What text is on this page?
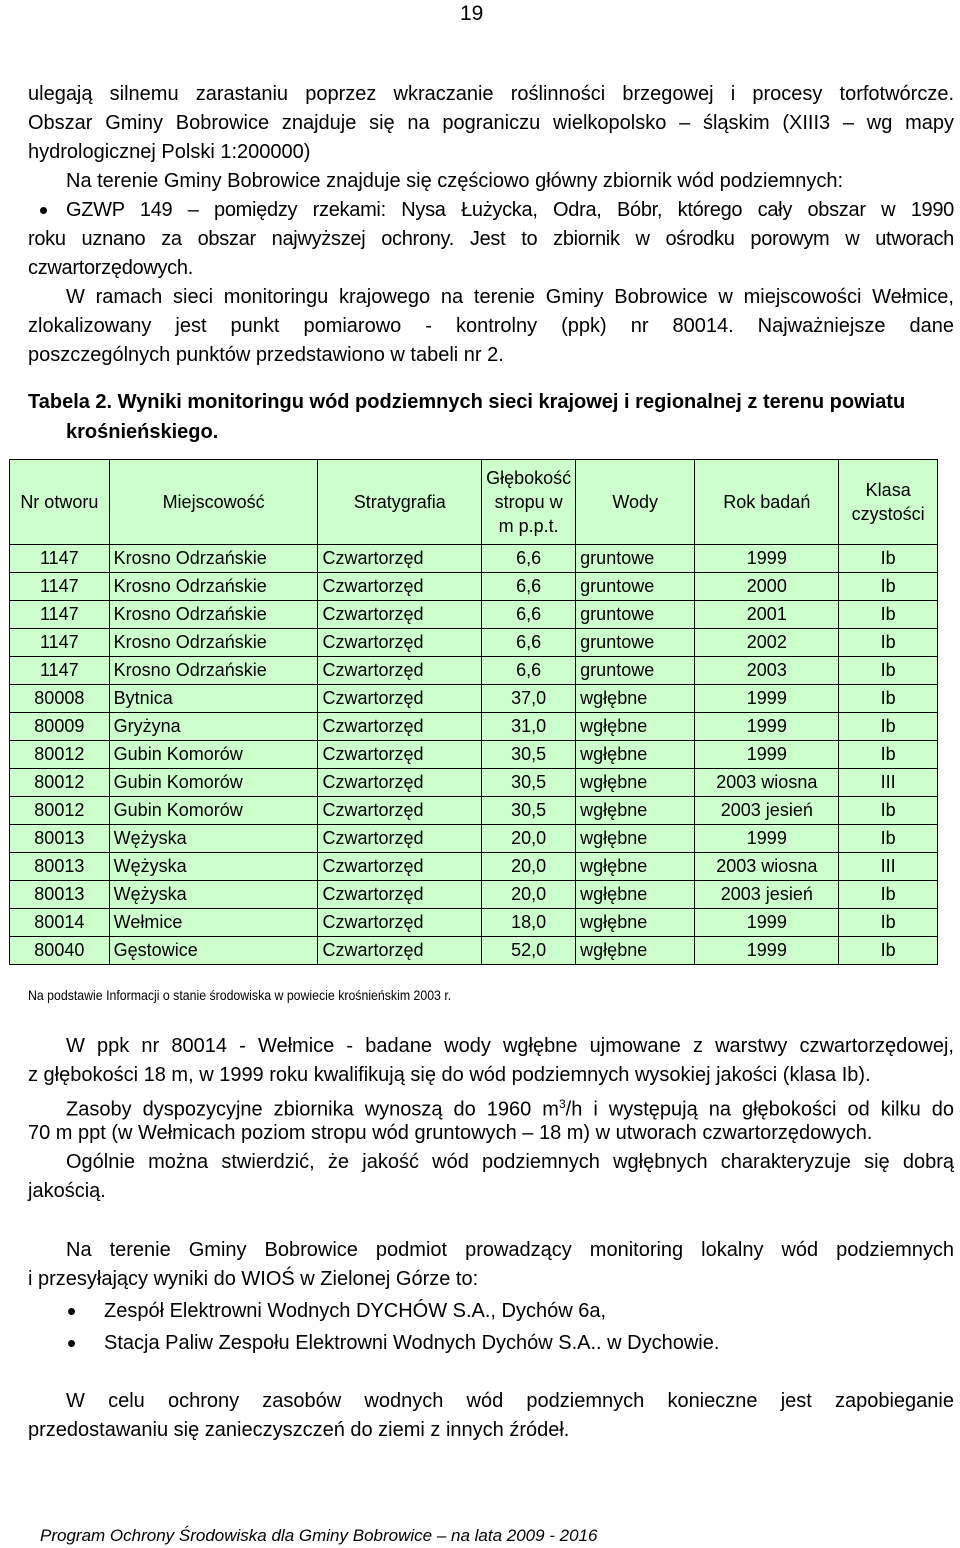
19
ulegają silnemu zarastaniu poprzez wkraczanie roślinności brzegowej i procesy torfotwórcze.
Obszar Gminy Bobrowice znajduje się na pograniczu wielkopolsko – śląskim (XIII3 – wg mapy
hydrologicznej Polski 1:200000)
Na terenie Gminy Bobrowice znajduje się częściowo główny zbiornik wód podziemnych:
GZWP 149 – pomiędzy rzekami: Nysa Łużycka, Odra, Bóbr, którego cały obszar w 1990
roku uznano za obszar najwyższej ochrony. Jest to zbiornik w ośrodku porowym w utworach
czwartorzędowych.
W ramach sieci monitoringu krajowego na terenie Gminy Bobrowice w miejscowości Wełmice,
zlokalizowany jest punkt pomiarowo - kontrolny (ppk) nr 80014. Najważniejsze dane
poszczególnych punktów przedstawiono w tabeli nr 2.
Tabela 2. Wyniki monitoringu wód podziemnych sieci krajowej i regionalnej z terenu powiatu
krośnieńskiego.
Nr otworu	Miejscowość	Stratygrafia	Głębokość stropu w m p.p.t.	Wody	Rok badań	Klasa czystości
1147	Krosno Odrzańskie	Czwartorzęd	6,6	gruntowe	1999	Ib
1147	Krosno Odrzańskie	Czwartorzęd	6,6	gruntowe	2000	Ib
1147	Krosno Odrzańskie	Czwartorzęd	6,6	gruntowe	2001	Ib
1147	Krosno Odrzańskie	Czwartorzęd	6,6	gruntowe	2002	Ib
1147	Krosno Odrzańskie	Czwartorzęd	6,6	gruntowe	2003	Ib
80008	Bytnica	Czwartorzęd	37,0	wgłębne	1999	Ib
80009	Gryżyna	Czwartorzęd	31,0	wgłębne	1999	Ib
80012	Gubin Komorów	Czwartorzęd	30,5	wgłębne	1999	Ib
80012	Gubin Komorów	Czwartorzęd	30,5	wgłębne	2003 wiosna	III
80012	Gubin Komorów	Czwartorzęd	30,5	wgłębne	2003 jesień	Ib
80013	Wężyska	Czwartorzęd	20,0	wgłębne	1999	Ib
80013	Wężyska	Czwartorzęd	20,0	wgłębne	2003 wiosna	III
80013	Wężyska	Czwartorzęd	20,0	wgłębne	2003 jesień	Ib
80014	Wełmice	Czwartorzęd	18,0	wgłębne	1999	Ib
80040	Gęstowice	Czwartorzęd	52,0	wgłębne	1999	Ib
Na podstawie Informacji o stanie środowiska w powiecie krośnieńskim 2003 r.
W ppk nr 80014 - Wełmice - badane wody wgłębne ujmowane z warstwy czwartorzędowej,
z głębokości 18 m, w 1999 roku kwalifikują się do wód podziemnych wysokiej jakości (klasa Ib).
Zasoby dyspozycyjne zbiornika wynoszą do 1960 $m^3/h$ i występują na głębokości od kilku do
70 m ppt (w Wełmicach poziom stropu wód gruntowych – 18 m) w utworach czwartorzędowych.
Ogólnie można stwierdzić, że jakość wód podziemnych wgłębnych charakteryzuje się dobrą
jakością.
Na terenie Gminy Bobrowice podmiot prowadzący monitoring lokalny wód podziemnych
i przesyłający wyniki do WIOŚ w Zielonej Górze to:
Zespół Elektrowni Wodnych DYCHÓW S.A., Dychów 6a,
Stacja Paliw Zespołu Elektrowni Wodnych Dychów S.A.. w Dychowie.
W celu ochrony zasobów wodnych wód podziemnych konieczne jest zapobieganie
przedostawaniu się zanieczyszczeń do ziemi z innych źródeł.
Program Ochrony Środowiska dla Gminy Bobrowice – na lata 2009 - 2016
